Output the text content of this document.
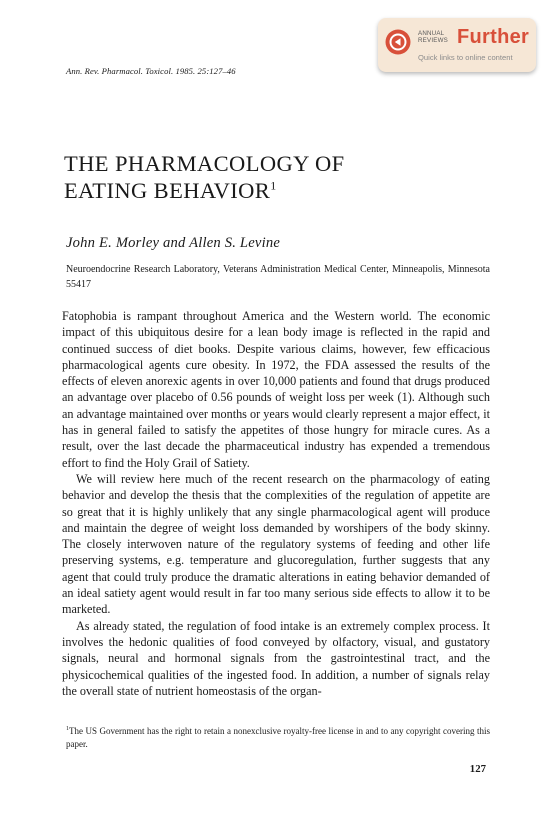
Ann. Rev. Pharmacol. Toxicol. 1985. 25:127–46
ANNUAL
REVIEWS Further
Quick links to online content
THE PHARMACOLOGY OF
EATING BEHAVIOR$^1$
John E. Morley and Allen S. Levine
Neuroendocrine Research Laboratory, Veterans Administration Medical Center, Minneapolis, Minnesota 55417

Fatophobia is rampant throughout America and the Western world. The economic impact of this ubiquitous desire for a lean body image is reflected in the rapid and continued success of diet books. Despite various claims, however, few efficacious pharmacological agents cure obesity. In 1972, the FDA assessed the results of the effects of eleven anorexic agents in over 10,000 patients and found that drugs produced an advantage over placebo of 0.56 pounds of weight loss per week (1). Although such an advantage maintained over months or years would clearly represent a major effect, it has in general failed to satisfy the appetites of those hungry for miracle cures. As a result, over the last decade the pharmaceutical industry has expended a tremendous effort to find the Holy Grail of Satiety.

We will review here much of the recent research on the pharmacology of eating behavior and develop the thesis that the complexities of the regulation of appetite are so great that it is highly unlikely that any single pharmacological agent will produce and maintain the degree of weight loss demanded by worshipers of the body skinny. The closely interwoven nature of the regulatory systems of feeding and other life preserving systems, e.g. temperature and glucoregulation, further suggests that any agent that could truly produce the dramatic alterations in eating behavior demanded of an ideal satiety agent would result in far too many serious side effects to allow it to be marketed.

As already stated, the regulation of food intake is an extremely complex process. It involves the hedonic qualities of food conveyed by olfactory, visual, and gustatory signals, neural and hormonal signals from the gastrointestinal tract, and the physicochemical qualities of the ingested food. In addition, a number of signals relay the overall state of nutrient homeostasis of the organ-

$^1$The US Government has the right to retain a nonexclusive royalty-free license in and to any copyright covering this paper.
127
